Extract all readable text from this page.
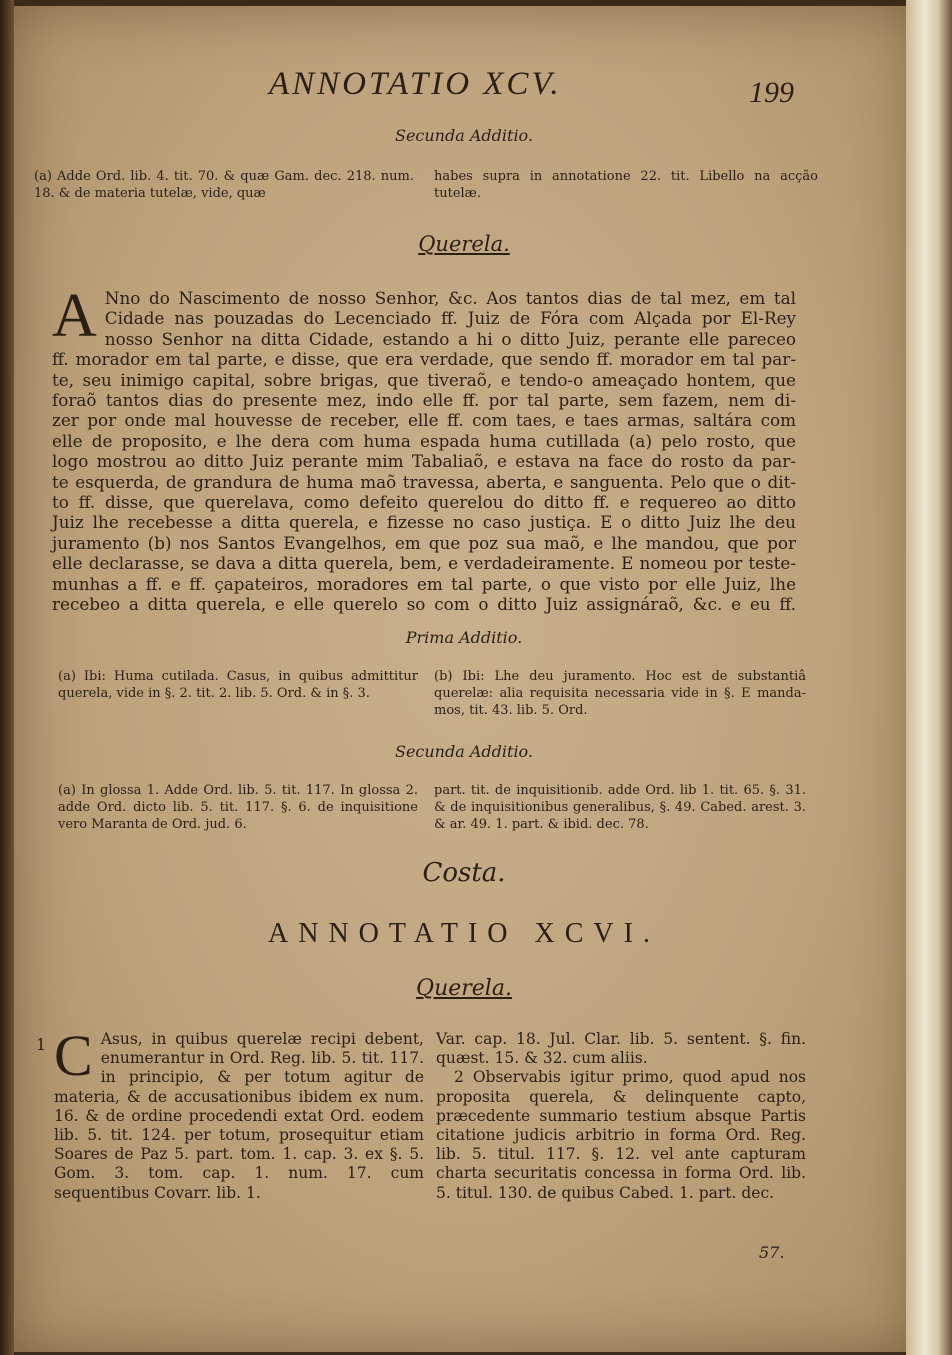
ANNOTATIO XCV.	199
Secunda Additio.
(a) Adde Ord. lib. 4. tit. 70. & quæ Gam. dec. 218. num. 18. & de materia tutelæ, vide, quæ
habes supra in annotatione 22. tit. Libello na acção tutelæ.
Querela.
A Nno do Nascimento de nosso Senhor, &c. Aos tantos dias de tal mez, em tal
Cidade nas pouzadas do Lecenciado ff. Juiz de Fóra com Alçada por El-Rey
nosso Senhor na ditta Cidade, estando a hi o ditto Juiz, perante elle pareceo
ff. morador em tal parte, e disse, que era verdade, que sendo ff. morador em tal par-
te, seu inimigo capital, sobre brigas, que tiveraõ, e tendo-o ameaçado hontem, que
foraõ tantos dias do presente mez, indo elle ff. por tal parte, sem fazem, nem di-
zer por onde mal houvesse de receber, elle ff. com taes, e taes armas, saltára com
elle de proposito, e lhe dera com huma espada huma cutillada (a) pelo rosto, que
logo mostrou ao ditto Juiz perante mim Tabaliaõ, e estava na face do rosto da par-
te esquerda, de grandura de huma maõ travessa, aberta, e sanguenta. Pelo que o dit-
to ff. disse, que querelava, como defeito querelou do ditto ff. e requereo ao ditto
Juiz lhe recebesse a ditta querela, e fizesse no caso justiça. E o ditto Juiz lhe deu
juramento (b) nos Santos Evangelhos, em que poz sua maõ, e lhe mandou, que por
elle declarasse, se dava a ditta querela, bem, e verdadeiramente. E nomeou por teste-
munhas a ff. e ff. çapateiros, moradores em tal parte, o que visto por elle Juiz, lhe
recebeo a ditta querela, e elle querelo so com o ditto Juiz assignáraõ, &c. e eu ff.
Prima Additio.
(a) Ibi: Huma cutilada. Casus, in quibus admittitur querela, vide in §. 2. tit. 2. lib. 5. Ord. & in §. 3.
(b) Ibi: Lhe deu juramento. Hoc est de substantiâ querelæ: alia requisita necessaria vide in §. E manda-mos, tit. 43. lib. 5. Ord.
Secunda Additio.
(a) In glossa 1. Adde Ord. lib. 5. tit. 117. In glossa 2. adde Ord. dicto lib. 5. tit. 117. §. 6. de inquisitione vero Maranta de Ord. jud. 6.
part. tit. de inquisitionib. adde Ord. lib 1. tit. 65. §. 31. & de inquisitionibus generalibus, §. 49. Cabed. arest. 3. & ar. 49. 1. part. & ibid. dec. 78.
Costa.
ANNOTATIO XCVI.
Querela.
1 C Asus, in quibus querelæ recipi debent, enumerantur in Ord. Reg. lib. 5. tit. 117. in principio, & per totum agitur de materia, & de accusationibus ibidem ex num. 16. & de ordine procedendi extat Ord. eodem lib. 5. tit. 124. per totum, prosequitur etiam Soares de Paz 5. part. tom. 1. cap. 3. ex §. 5. Gom. 3. tom. cap. 1. num. 17. cum sequentibus Covarr. lib. 1.

Var. cap. 18. Jul. Clar. lib. 5. sentent. §. fin. quæst. 15. & 32. cum aliis.

2 Observabis igitur primo, quod apud nos proposita querela, & delinquente capto, præcedente summario testium absque Partis citatione judicis arbitrio in forma Ord. Reg. lib. 5. titul. 117. §. 12. vel ante capturam charta securitatis concessa in forma Ord. lib. 5. titul. 130. de quibus Cabed. 1. part. dec.

57.
